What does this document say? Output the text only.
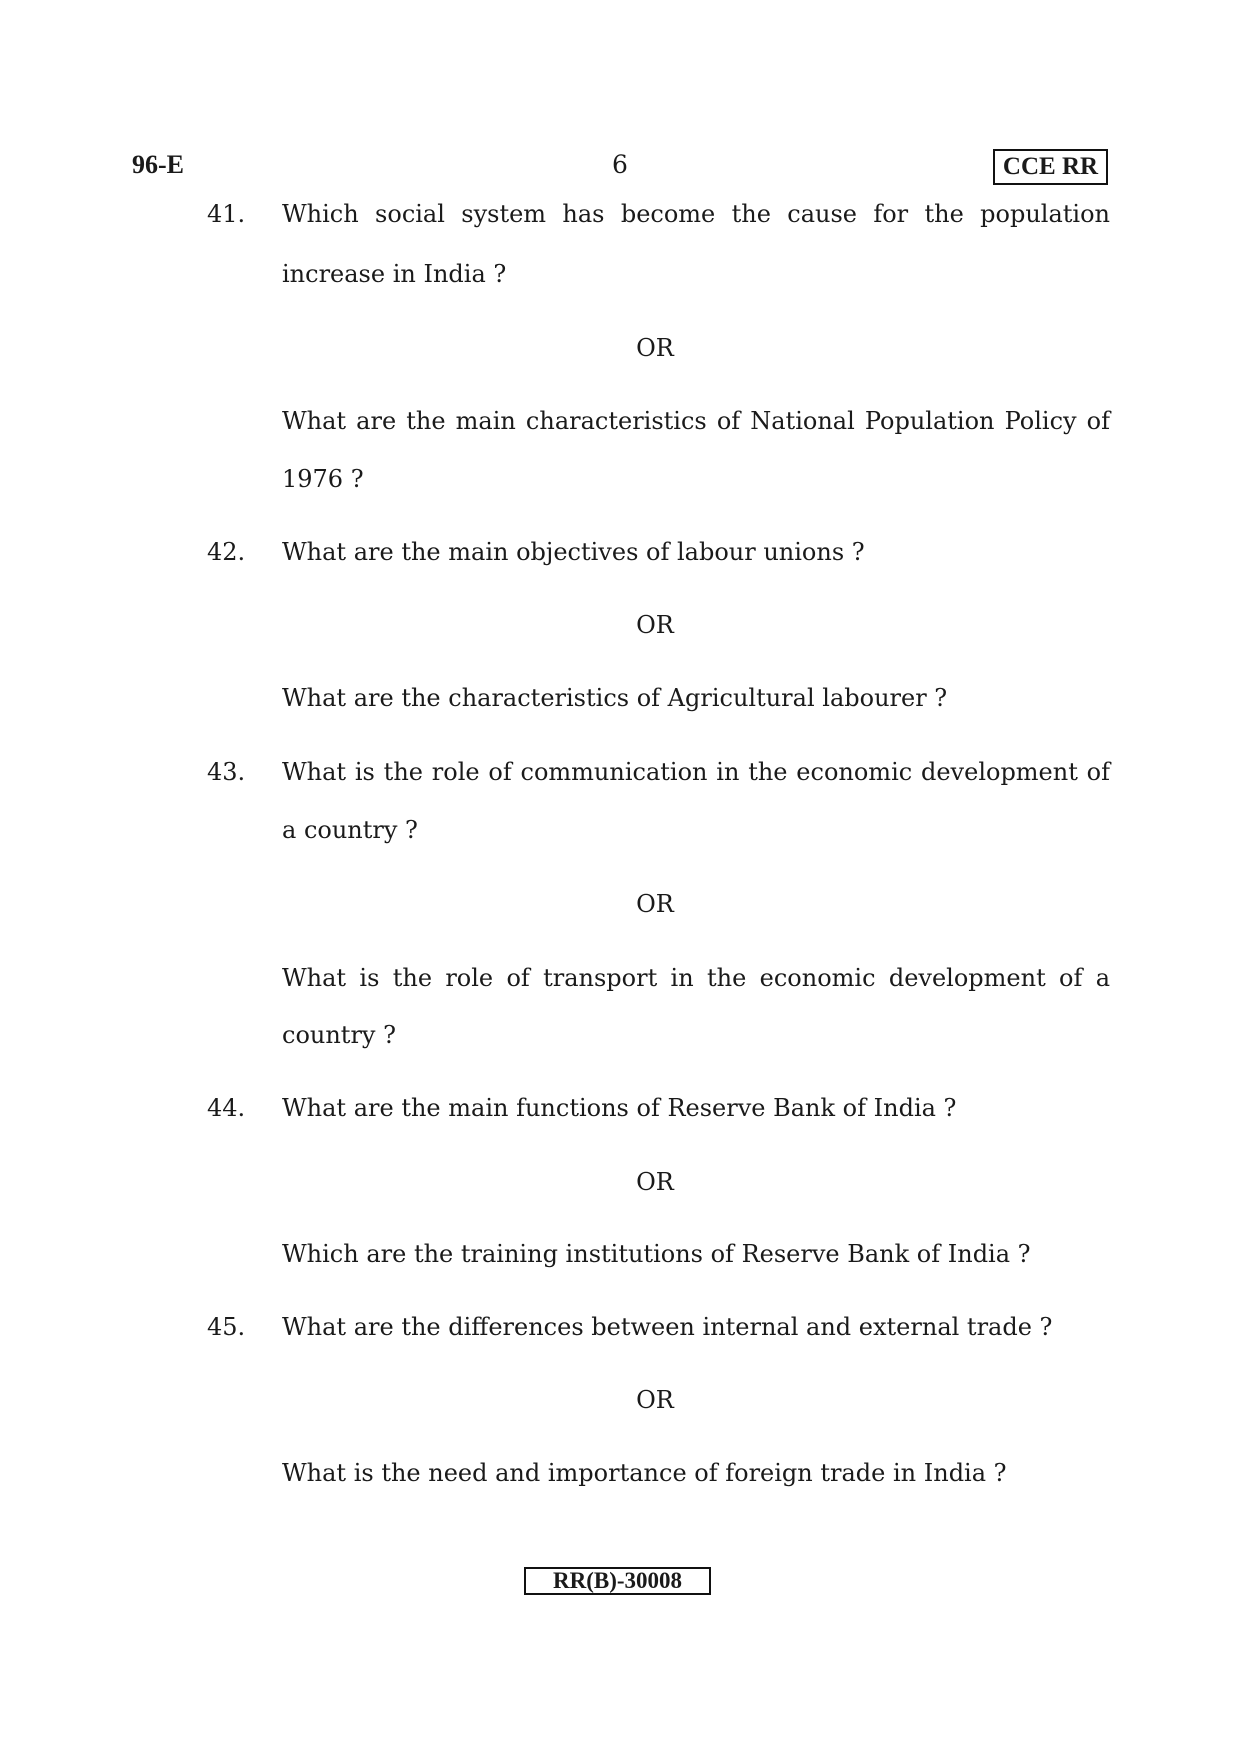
96-E	6	CCE RR
41. Which social system has become the cause for the population
increase in India ?
OR
What are the main characteristics of National Population Policy of
1976 ?
42. What are the main objectives of labour unions ?
OR
What are the characteristics of Agricultural labourer ?
43. What is the role of communication in the economic development of
a country ?
OR
What is the role of transport in the economic development of a
country ?
44. What are the main functions of Reserve Bank of India ?
OR
Which are the training institutions of Reserve Bank of India ?
45. What are the differences between internal and external trade ?
OR
What is the need and importance of foreign trade in India ?
RR(B)-30008
